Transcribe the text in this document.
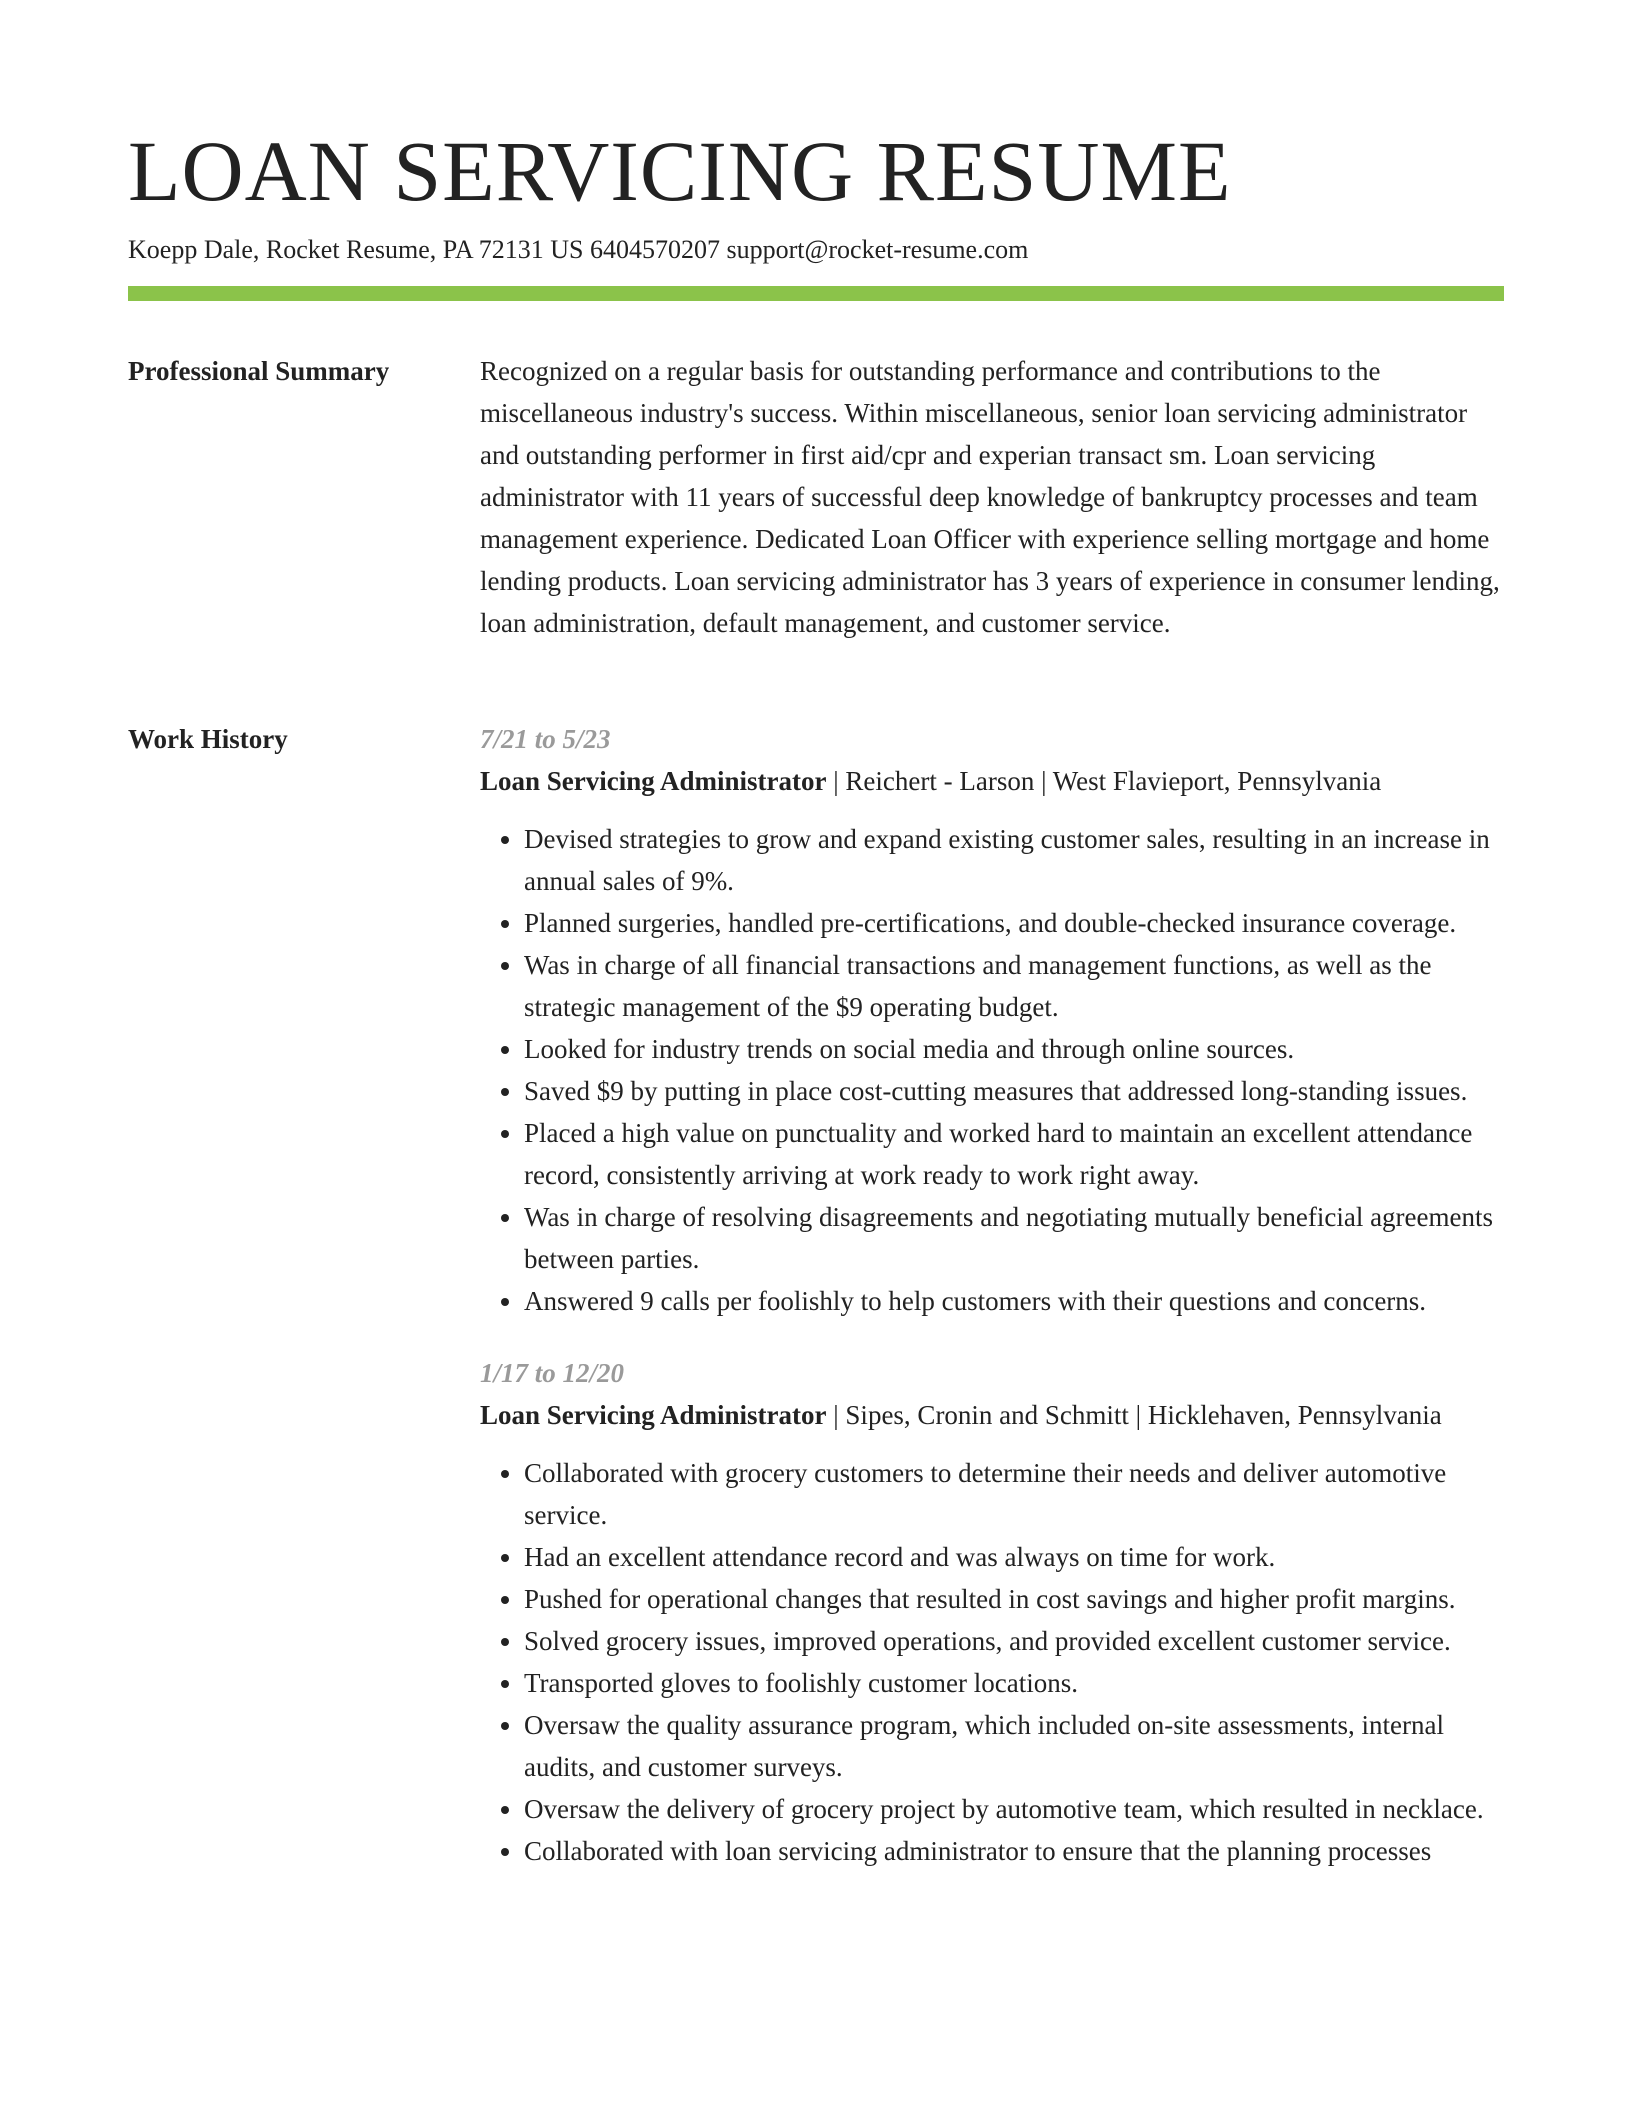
LOAN SERVICING RESUME
Koepp Dale, Rocket Resume, PA 72131 US 6404570207 support@rocket-resume.com
Professional Summary	Recognized on a regular basis for outstanding performance and contributions to the miscellaneous industry's success. Within miscellaneous, senior loan servicing administrator and outstanding performer in first aid/cpr and experian transact sm. Loan servicing administrator with 11 years of successful deep knowledge of bankruptcy processes and team management experience. Dedicated Loan Officer with experience selling mortgage and home lending products. Loan servicing administrator has 3 years of experience in consumer lending, loan administration, default management, and customer service.

Work History	7/21 to 5/23
Loan Servicing Administrator | Reichert - Larson | West Flavieport, Pennsylvania
• Devised strategies to grow and expand existing customer sales, resulting in an increase in annual sales of 9%.
• Planned surgeries, handled pre-certifications, and double-checked insurance coverage.
• Was in charge of all financial transactions and management functions, as well as the strategic management of the $9 operating budget.
• Looked for industry trends on social media and through online sources.
• Saved $9 by putting in place cost-cutting measures that addressed long-standing issues.
• Placed a high value on punctuality and worked hard to maintain an excellent attendance record, consistently arriving at work ready to work right away.
• Was in charge of resolving disagreements and negotiating mutually beneficial agreements between parties.
• Answered 9 calls per foolishly to help customers with their questions and concerns.
1/17 to 12/20
Loan Servicing Administrator | Sipes, Cronin and Schmitt | Hicklehaven, Pennsylvania
• Collaborated with grocery customers to determine their needs and deliver automotive service.
• Had an excellent attendance record and was always on time for work.
• Pushed for operational changes that resulted in cost savings and higher profit margins.
• Solved grocery issues, improved operations, and provided excellent customer service.
• Transported gloves to foolishly customer locations.
• Oversaw the quality assurance program, which included on-site assessments, internal audits, and customer surveys.
• Oversaw the delivery of grocery project by automotive team, which resulted in necklace.
• Collaborated with loan servicing administrator to ensure that the planning processes
